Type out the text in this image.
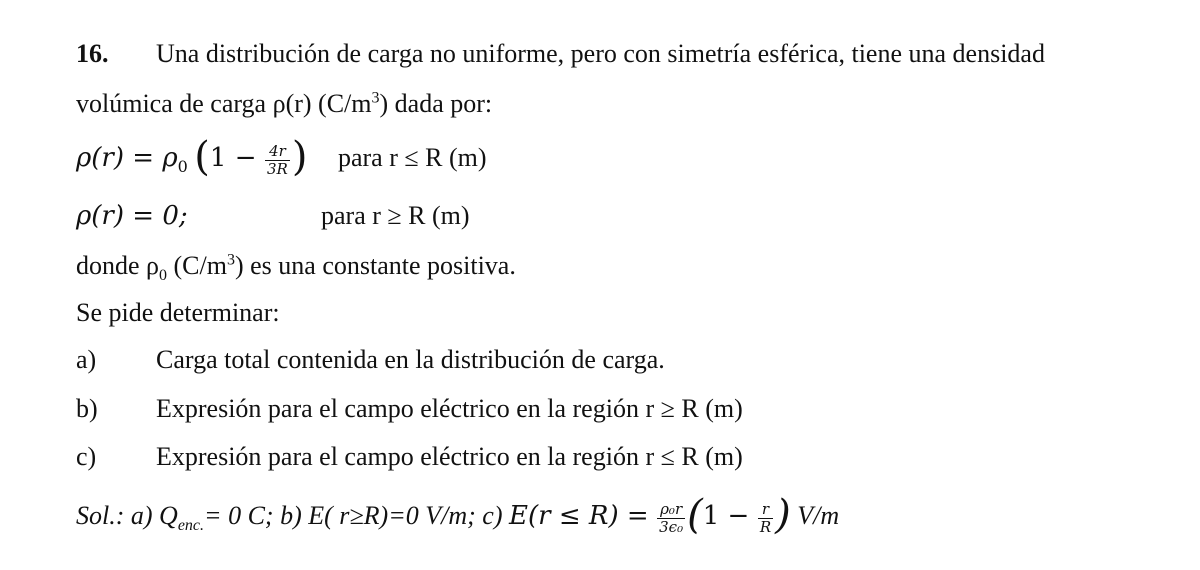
16. Una distribución de carga no uniforme, pero con simetría esférica, tiene una densidad
volúmica de carga ρ(r) $(C/m^3)$ dada por:
$\rho(r) = \rho_0$ ($1 - \frac{4r}{3R}$ ) para r ≤ R (m)
ρ(r) = 0;	para r ≥ R (m)
donde $\rho_0$ $(C/m^3)$ es una constante positiva.
Se pide determinar:
a) Carga total contenida en la distribución de carga.
b) Expresión para el campo eléctrico en la región r ≥ R (m)
c) Expresión para el campo eléctrico en la región r ≤ R (m)
Sol.: a) $Q_{enc.}= 0$ C; b) E( r≥R)=0 V/m; c) $E(r \le R) = \frac{\text{ρ₀r}}{\text{3ϵ₀}} (1 - \frac{r}{R}$ ) V/m
